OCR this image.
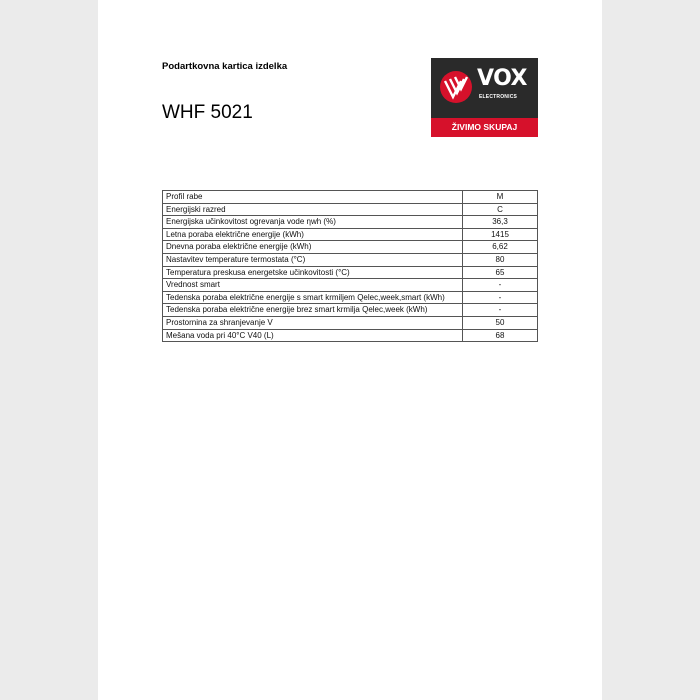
Podartkovna kartica izdelka
WHF 5021
VOX
ELECTRONICS
ŽIVIMO SKUPAJ
Profil rabe	M
Energijski razred	C
Energijska učinkovitost ogrevanja vode ηwh (%)	36,3
Letna poraba električne energije (kWh)	1415
Dnevna poraba električne energije (kWh)	6,62
Nastavitev temperature termostata (°C)	80
Temperatura preskusa energetske učinkovitosti (°C)	65
Vrednost smart	-
Tedenska poraba električne energije s smart krmiljem Qelec,week,smart (kWh)	-
Tedenska poraba električne energije brez smart krmilja Qelec,week (kWh)	-
Prostornina za shranjevanje V	50
Mešana voda pri 40°C V40 (L)	68
